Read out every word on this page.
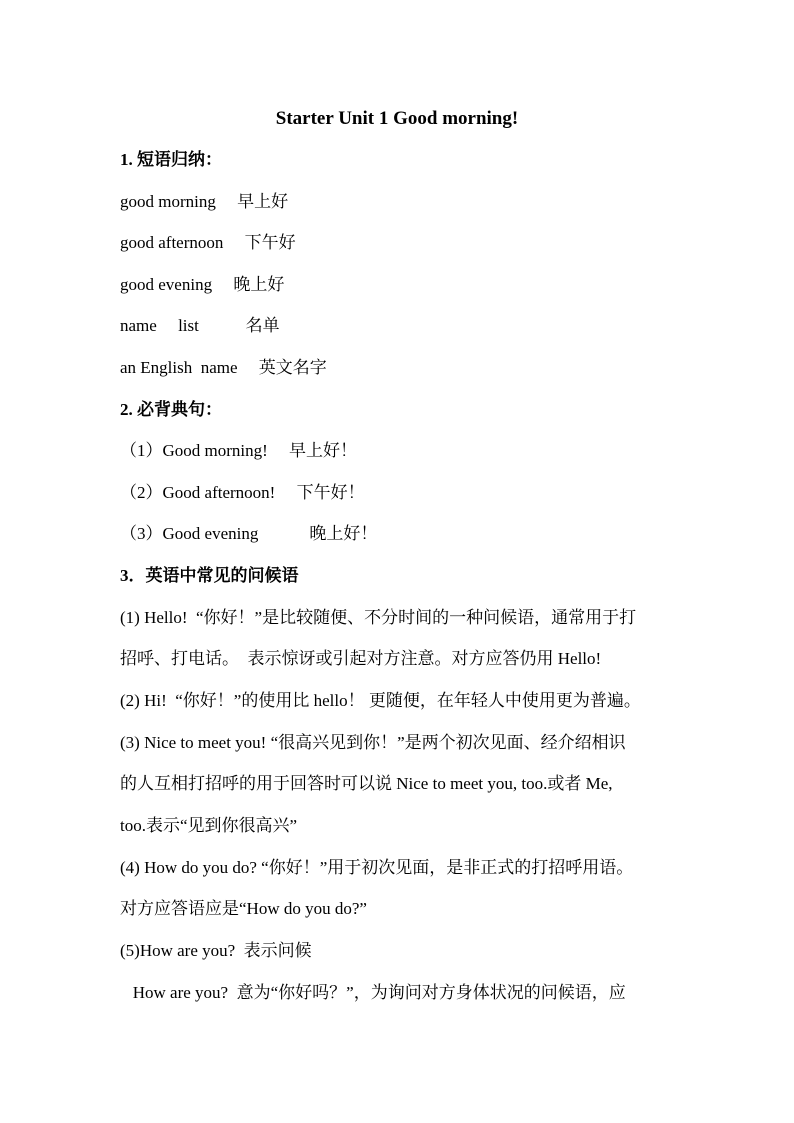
Starter Unit 1 Good morning!
1. 短语归纳：
good morning     早上好
good afternoon     下午好
good evening     晚上好
name     list           名单
an English  name     英文名字
2. 必背典句：
（1）Good morning!     早上好！
（2）Good afternoon!     下午好！
（3）Good evening            晚上好！
3．英语中常见的问候语
(1) Hello!  “你好！”是比较随便、不分时间的一种问候语，通常用于打
招呼、打电话。  表示惊讶或引起对方注意。对方应答仍用 Hello!
(2) Hi!  “你好！”的使用比 hello！ 更随便，在年轻人中使用更为普遍。
(3) Nice to meet you! “很高兴见到你！”是两个初次见面、经介绍相识
的人互相打招呼的用于回答时可以说 Nice to meet you, too.或者 Me,
too.表示“见到你很高兴”
(4) How do you do? “你好！”用于初次见面，是非正式的打招呼用语。
对方应答语应是“How do you do?”
(5)How are you?  表示问候
How are you?  意为“你好吗？”，为询问对方身体状况的问候语，应
